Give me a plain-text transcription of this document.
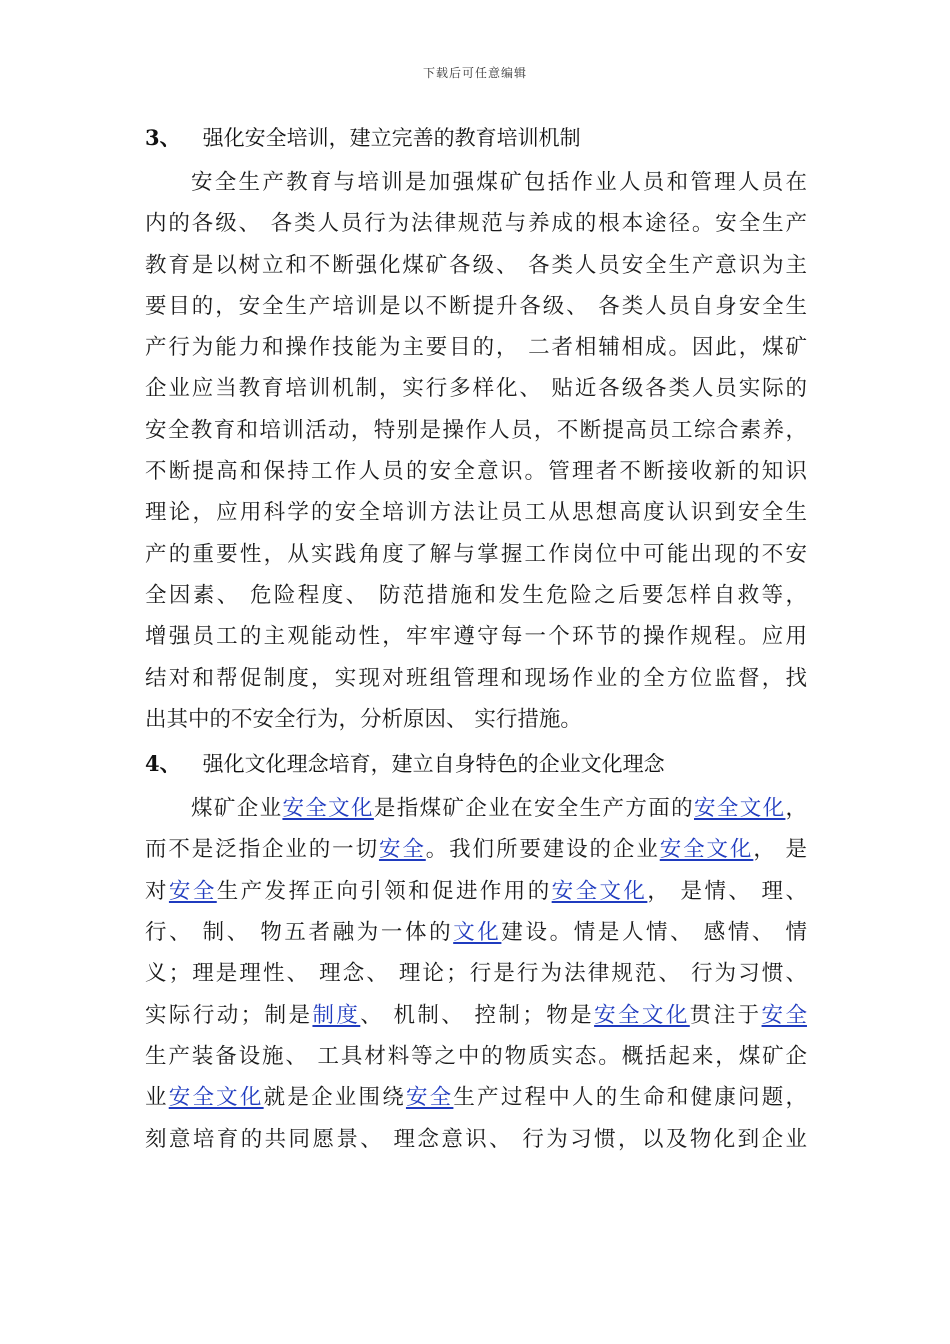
下载后可任意编辑
3、 强化安全培训，建立完善的教育培训机制
安全生产教育与培训是加强煤矿包括作业人员和管理人员在
内的各级、 各类人员行为法律规范与养成的根本途径。安全生产
教育是以树立和不断强化煤矿各级、 各类人员安全生产意识为主
要目的，安全生产培训是以不断提升各级、 各类人员自身安全生
产行为能力和操作技能为主要目的， 二者相辅相成。因此，煤矿
企业应当教育培训机制，实行多样化、 贴近各级各类人员实际的
安全教育和培训活动，特别是操作人员，不断提高员工综合素养，
不断提高和保持工作人员的安全意识。管理者不断接收新的知识
理论，应用科学的安全培训方法让员工从思想高度认识到安全生
产的重要性，从实践角度了解与掌握工作岗位中可能出现的不安
全因素、 危险程度、 防范措施和发生危险之后要怎样自救等，
增强员工的主观能动性，牢牢遵守每一个环节的操作规程。应用
结对和帮促制度，实现对班组管理和现场作业的全方位监督，找
出其中的不安全行为，分析原因、 实行措施。
4、 强化文化理念培育，建立自身特色的企业文化理念
煤矿企业安全文化是指煤矿企业在安全生产方面的安全文化，
而不是泛指企业的一切安全。我们所要建设的企业安全文化， 是
对安全生产发挥正向引领和促进作用的安全文化， 是情、 理、
行、 制、 物五者融为一体的文化建设。情是人情、 感情、 情
义；理是理性、 理念、 理论；行是行为法律规范、 行为习惯、
实际行动；制是制度、 机制、 控制；物是安全文化贯注于安全
生产装备设施、 工具材料等之中的物质实态。概括起来，煤矿企
业安全文化就是企业围绕安全生产过程中人的生命和健康问题，
刻意培育的共同愿景、 理念意识、 行为习惯，以及物化到企业
